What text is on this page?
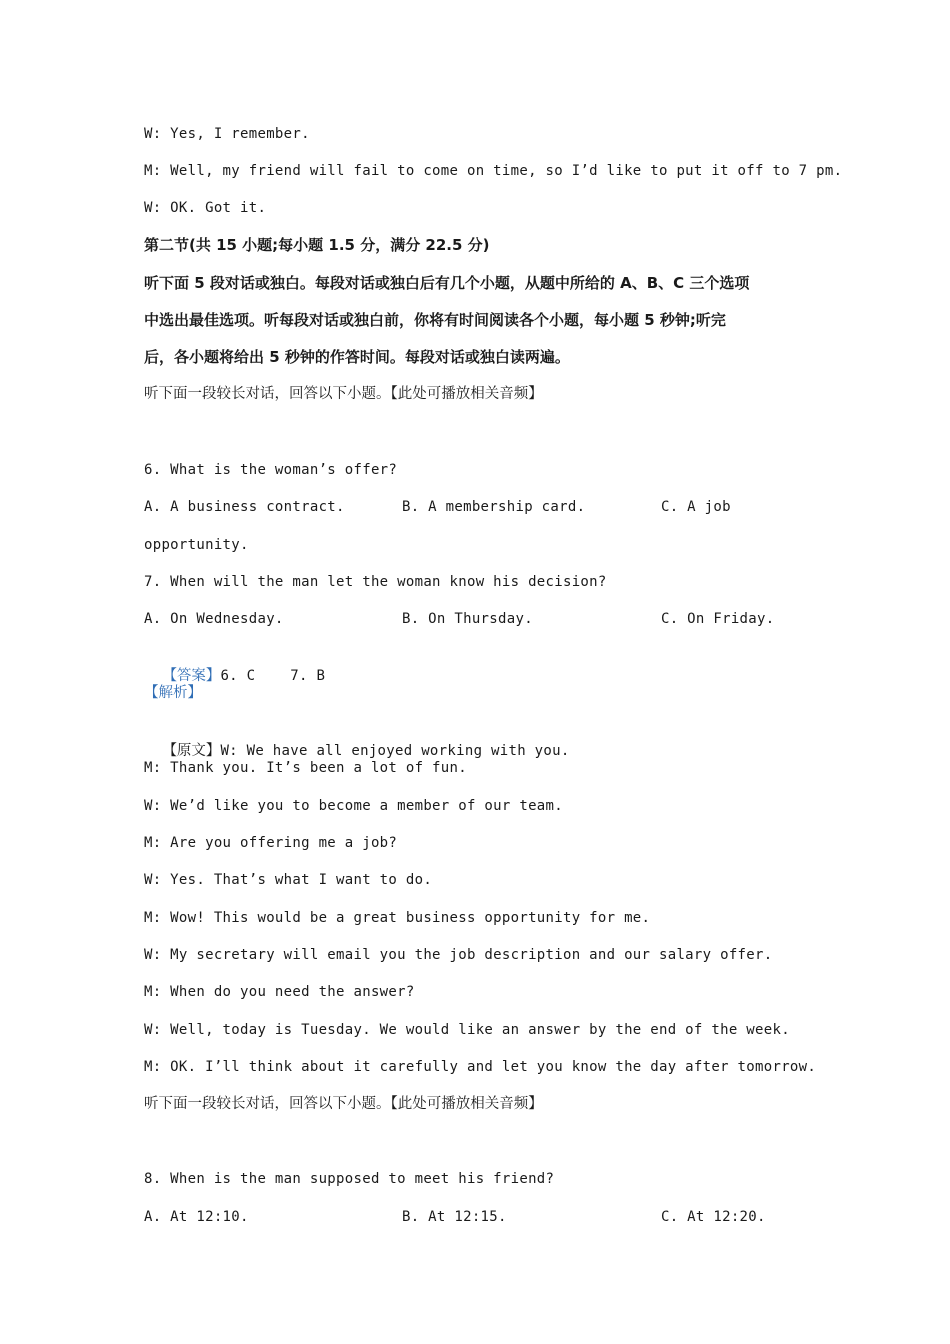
W: Yes, I remember.
M: Well, my friend will fail to come on time, so I’d like to put it off to 7 pm.
W: OK. Got it.
第二节(共 15 小题;每小题 1.5 分，满分 22.5 分)
听下面 5 段对话或独白。每段对话或独白后有几个小题，从题中所给的 A、B、C 三个选项
中选出最佳选项。听每段对话或独白前，你将有时间阅读各个小题，每小题 5 秒钟;听完
后，各小题将给出 5 秒钟的作答时间。每段对话或独白读两遍。
听下面一段较长对话，回答以下小题。【此处可播放相关音频】
6. What is the woman’s offer?
A. A business contract.	B. A membership card.	C. A job
opportunity.
7. When will the man let the woman know his decision?
A. On Wednesday.	B. On Thursday.	C. On Friday.

【答案】6. C    7. B

【解析】

【原文】W: We have all enjoyed working with you.

M: Thank you. It’s been a lot of fun.
W: We’d like you to become a member of our team.
M: Are you offering me a job?
W: Yes. That’s what I want to do.
M: Wow! This would be a great business opportunity for me.
W: My secretary will email you the job description and our salary offer.
M: When do you need the answer?
W: Well, today is Tuesday. We would like an answer by the end of the week.
M: OK. I’ll think about it carefully and let you know the day after tomorrow.
听下面一段较长对话，回答以下小题。【此处可播放相关音频】
8. When is the man supposed to meet his friend?
A. At 12:10.	B. At 12:15.	C. At 12:20.
